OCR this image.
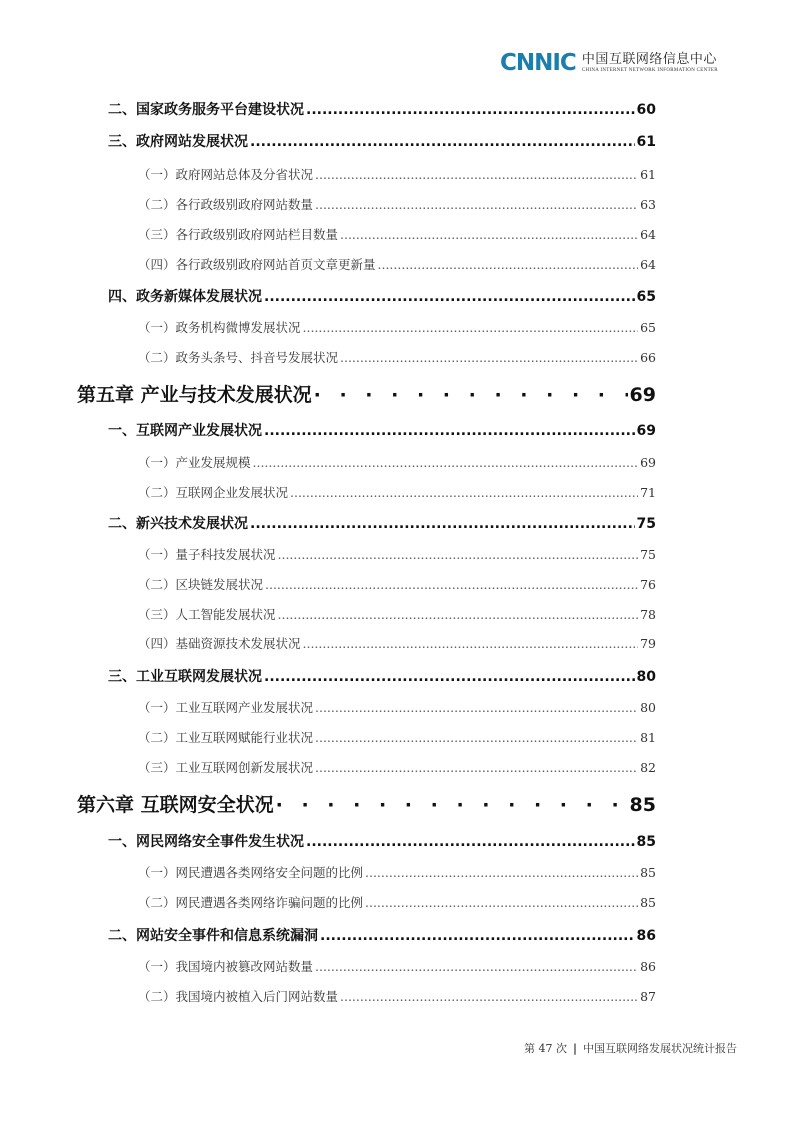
CNNIC 中国互联网络信息中心
CHINA INTERNET NETWORK INFORMATION CENTER
二、国家政务服务平台建设状况 .....	60
三、政府网站发展状况 .....	61
（一）政府网站总体及分省状况 .....	61
（二）各行政级别政府网站数量 .....	63
（三）各行政级别政府网站栏目数量 .....	64
（四）各行政级别政府网站首页文章更新量 .....	64
四、政务新媒体发展状况 .....	65
（一）政务机构微博发展状况 .....	65
（二）政务头条号、抖音号发展状况 .....	66
第五章 产业与技术发展状况 · · ·	69
一、互联网产业发展状况 .....	69
（一）产业发展规模 .....	69
（二）互联网企业发展状况 .....	71
二、新兴技术发展状况 .....	75
（一）量子科技发展状况 .....	75
（二）区块链发展状况 .....	76
（三）人工智能发展状况 .....	78
（四）基础资源技术发展状况 .....	79
三、工业互联网发展状况 .....	80
（一）工业互联网产业发展状况 .....	80
（二）工业互联网赋能行业状况 .....	81
（三）工业互联网创新发展状况 .....	82
第六章 互联网安全状况 · · ·	85
一、网民网络安全事件发生状况 .....	85
（一）网民遭遇各类网络安全问题的比例 .....	85
（二）网民遭遇各类网络诈骗问题的比例 .....	85
二、网站安全事件和信息系统漏洞 .....	86
（一）我国境内被篡改网站数量 .....	86
（二）我国境内被植入后门网站数量 .....	87
第 47 次 | 中国互联网络发展状况统计报告
